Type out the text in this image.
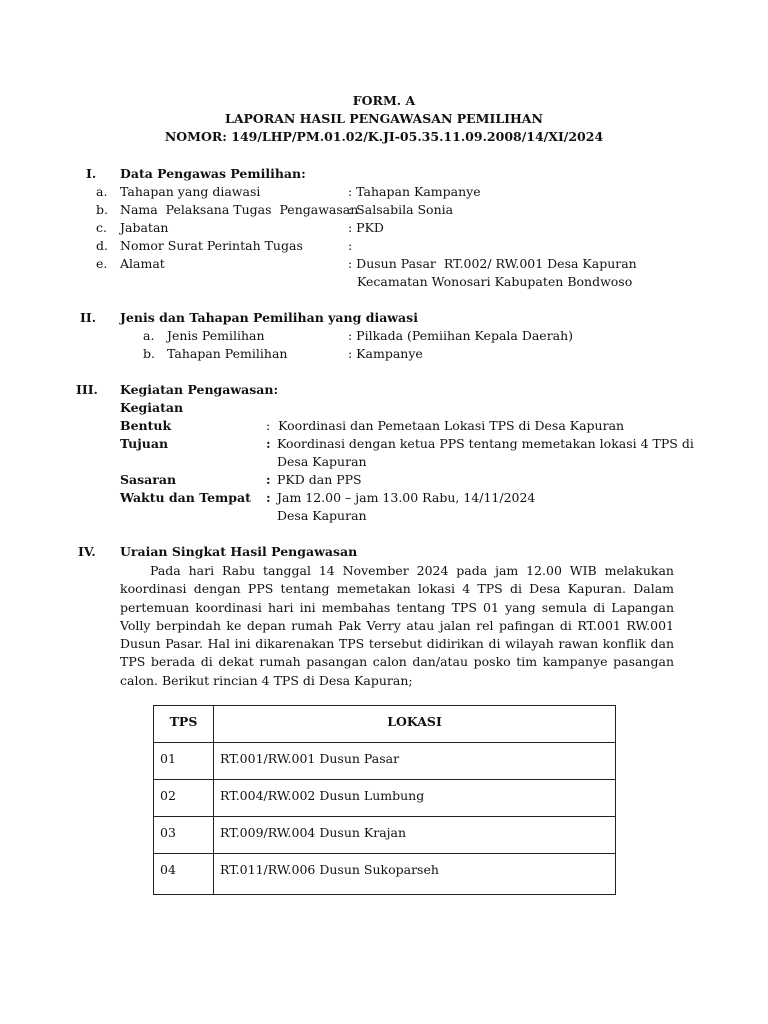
FORM. A
LAPORAN HASIL PENGAWASAN PEMILIHAN
NOMOR: 149/LHP/PM.01.02/K.JI-05.35.11.09.2008/14/XI/2024
I. Data Pengawas Pemilihan:
a. Tahapan yang diawasi	: Tahapan Kampanye
b. Nama  Pelaksana Tugas  Pengawasan
: Salsabila Sonia
c. Jabatan	: PKD
d. Nomor Surat Perintah Tugas	:
e. Alamat	: Dusun Pasar  RT.002/ RW.001 Desa Kapuran
Kecamatan Wonosari Kabupaten Bondwoso
II. Jenis dan Tahapan Pemilihan yang diawasi
a. Jenis Pemilihan	: Pilkada (Pemiihan Kepala Daerah)
b. Tahapan Pemilihan	: Kampanye
III. Kegiatan Pengawasan:
Kegiatan
Bentuk	:  Koordinasi dan Pemetaan Lokasi TPS di Desa Kapuran
Tujuan	: Koordinasi dengan ketua PPS tentang memetakan lokasi 4 TPS di
Desa Kapuran
Sasaran	: PKD dan PPS
Waktu dan Tempat : Jam 12.00 – jam 13.00 Rabu, 14/11/2024
Desa Kapuran
IV. Uraian Singkat Hasil Pengawasan
Pada hari Rabu tanggal 14 November 2024 pada jam 12.00 WIB melakukan koordinasi dengan PPS tentang memetakan lokasi 4 TPS di Desa Kapuran. Dalam pertemuan koordinasi hari ini membahas tentang TPS 01 yang semula di Lapangan Volly berpindah ke depan rumah Pak Verry atau jalan rel pafingan di RT.001 RW.001 Dusun Pasar. Hal ini dikarenakan TPS tersebut didirikan di wilayah rawan konflik dan TPS berada di dekat rumah pasangan calon dan/atau posko tim kampanye pasangan calon. Berikut rincian 4 TPS di Desa Kapuran;
TPS	LOKASI
01	RT.001/RW.001 Dusun Pasar
02	RT.004/RW.002 Dusun Lumbung
03	RT.009/RW.004 Dusun Krajan
04	RT.011/RW.006 Dusun Sukoparseh
